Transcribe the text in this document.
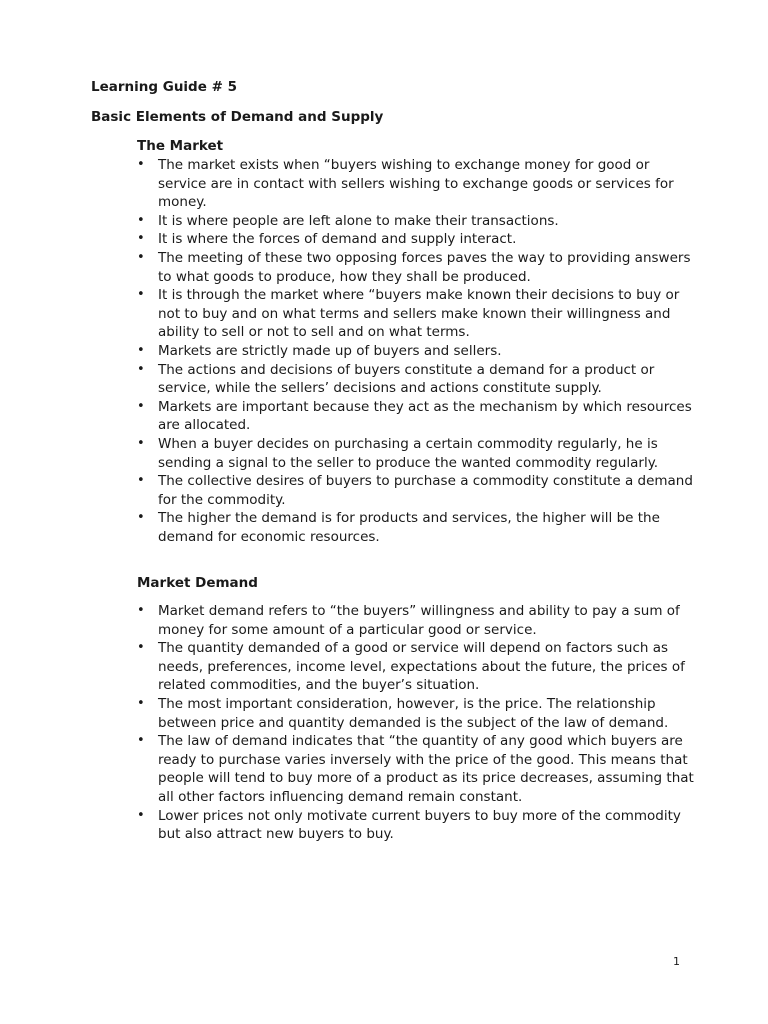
Learning Guide # 5

Basic Elements of Demand and Supply

The Market

• The market exists when “buyers wishing to exchange money for good or service are in contact with sellers wishing to exchange goods or services for money.
• It is where people are left alone to make their transactions.
• It is where the forces of demand and supply interact.
• The meeting of these two opposing forces paves the way to providing answers to what goods to produce, how they shall be produced.
• It is through the market where “buyers make known their decisions to buy or not to buy and on what terms and sellers make known their willingness and ability to sell or not to sell and on what terms.
• Markets are strictly made up of buyers and sellers.
• The actions and decisions of buyers constitute a demand for a product or service, while the sellers’ decisions and actions constitute supply.
• Markets are important because they act as the mechanism by which resources are allocated.
• When a buyer decides on purchasing a certain commodity regularly, he is sending a signal to the seller to produce the wanted commodity regularly.
• The collective desires of buyers to purchase a commodity constitute a demand for the commodity.
• The higher the demand is for products and services, the higher will be the demand for economic resources.

Market Demand

• Market demand refers to “the buyers” willingness and ability to pay a sum of money for some amount of a particular good or service.
• The quantity demanded of a good or service will depend on factors such as needs, preferences, income level, expectations about the future, the prices of related commodities, and the buyer’s situation.
• The most important consideration, however, is the price. The relationship between price and quantity demanded is the subject of the law of demand.
• The law of demand indicates that “the quantity of any good which buyers are ready to purchase varies inversely with the price of the good. This means that people will tend to buy more of a product as its price decreases, assuming that all other factors influencing demand remain constant.
• Lower prices not only motivate current buyers to buy more of the commodity but also attract new buyers to buy.
1
